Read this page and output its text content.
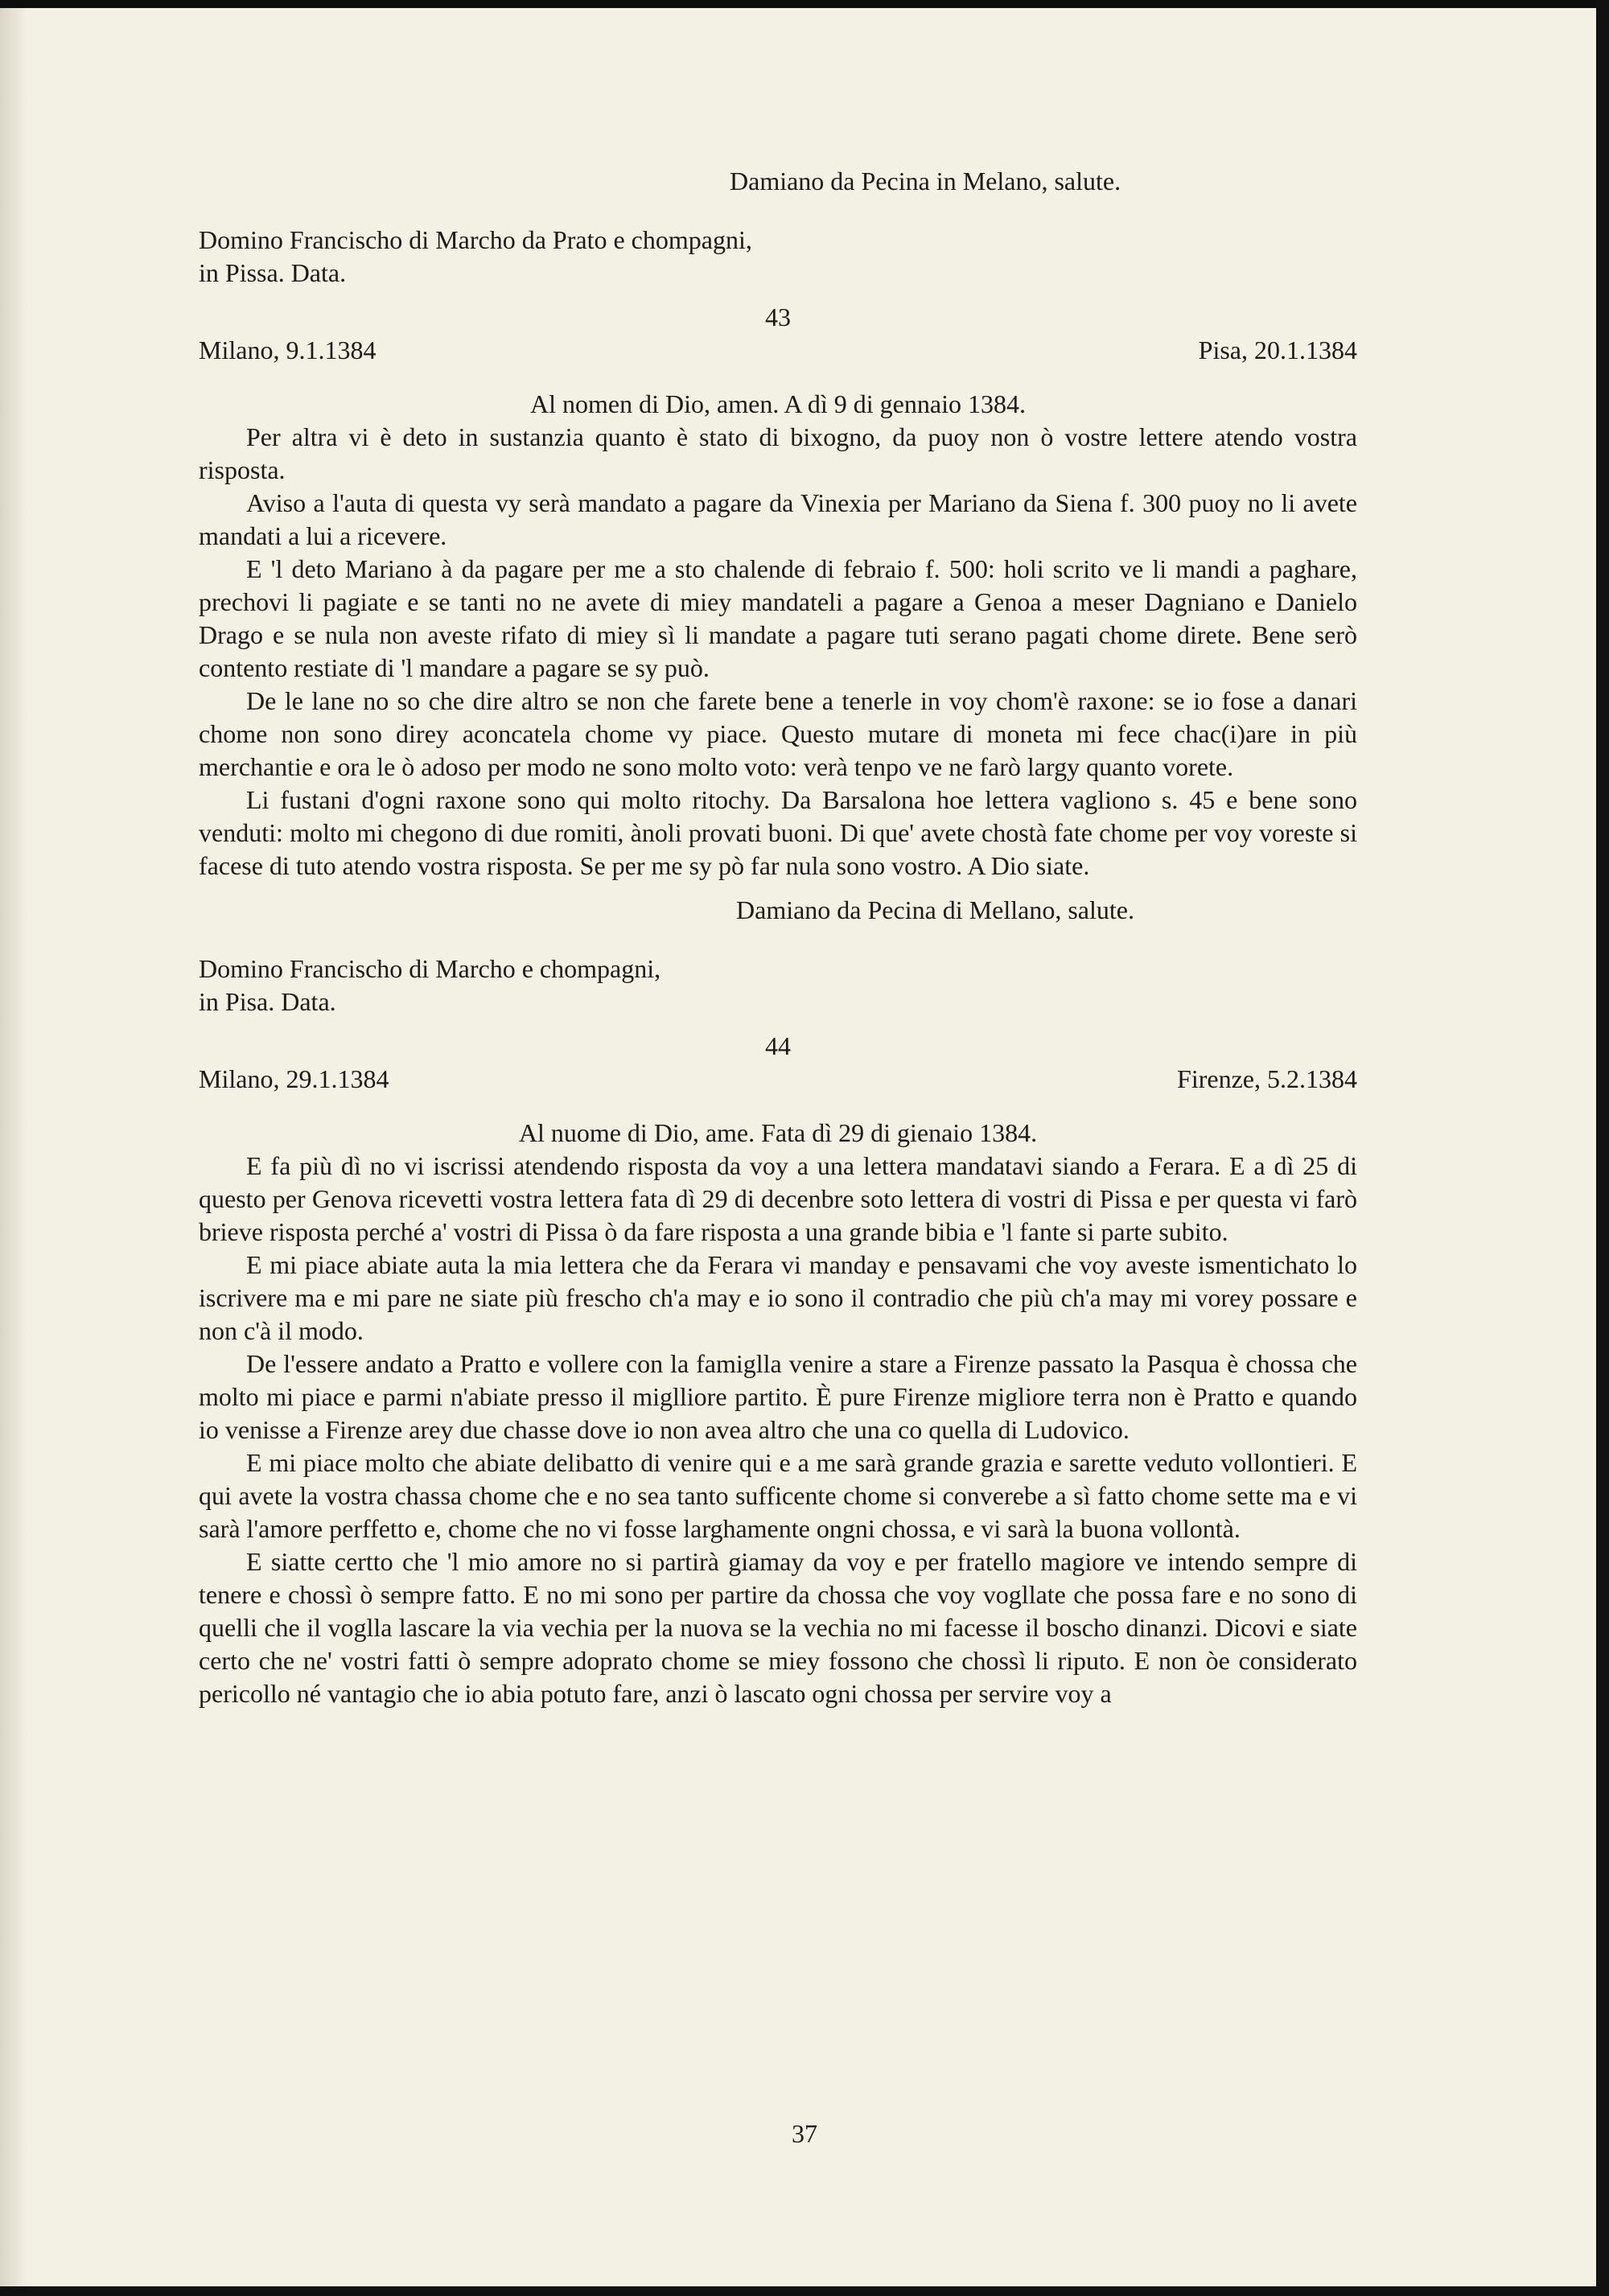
Damiano da Pecina in Melano, salute.

Domino Francischo di Marcho da Prato e chompagni,

in Pissa. Data.

43

Milano, 9.1.1384	Pisa, 20.1.1384

Al nomen di Dio, amen. A dì 9 di gennaio 1384.

Per altra vi è deto in sustanzia quanto è stato di bixogno, da puoy non ò vostre lettere atendo vostra risposta.

Aviso a l'auta di questa vy serà mandato a pagare da Vinexia per Mariano da Siena f. 300 puoy no li avete mandati a lui a ricevere.

E 'l deto Mariano à da pagare per me a sto chalende di febraio f. 500: holi scrito ve li mandi a paghare, prechovi li pagiate e se tanti no ne avete di miey mandateli a pagare a Genoa a meser Dagniano e Danielo Drago e se nula non aveste rifato di miey sì li mandate a pagare tuti serano pagati chome direte. Bene serò contento restiate di 'l mandare a pagare se sy può.

De le lane no so che dire altro se non che farete bene a tenerle in voy chom'è raxone: se io fose a danari chome non sono direy aconcatela chome vy piace. Questo mutare di moneta mi fece chac(i)are in più merchantie e ora le ò adoso per modo ne sono molto voto: verà tenpo ve ne farò largy quanto vorete.

Li fustani d'ogni raxone sono qui molto ritochy. Da Barsalona hoe lettera vagliono s. 45 e bene sono venduti: molto mi chegono di due romiti, ànoli provati buoni. Di que' avete chostà fate chome per voy voreste si facese di tuto atendo vostra risposta. Se per me sy pò far nula sono vostro. A Dio siate.

Damiano da Pecina di Mellano, salute.

Domino Francischo di Marcho e chompagni,

in Pisa. Data.

44

Milano, 29.1.1384	Firenze, 5.2.1384

Al nuome di Dio, ame. Fata dì 29 di gienaio 1384.

E fa più dì no vi iscrissi atendendo risposta da voy a una lettera mandatavi siando a Ferara. E a dì 25 di questo per Genova ricevetti vostra lettera fata dì 29 di decenbre soto lettera di vostri di Pissa e per questa vi farò brieve risposta perché a' vostri di Pissa ò da fare risposta a una grande bibia e 'l fante si parte subito.

E mi piace abiate auta la mia lettera che da Ferara vi manday e pensavami che voy aveste ismentichato lo iscrivere ma e mi pare ne siate più frescho ch'a may e io sono il contradio che più ch'a may mi vorey possare e non c'à il modo.

De l'essere andato a Pratto e vollere con la famiglla venire a stare a Firenze passato la Pasqua è chossa che molto mi piace e parmi n'abiate presso il miglliore partito. È pure Firenze migliore terra non è Pratto e quando io venisse a Firenze arey due chasse dove io non avea altro che una co quella di Ludovico.

E mi piace molto che abiate delibatto di venire qui e a me sarà grande grazia e sarette veduto vollontieri. E qui avete la vostra chassa chome che e no sea tanto sufficente chome si converebe a sì fatto chome sette ma e vi sarà l'amore perffetto e, chome che no vi fosse larghamente ongni chossa, e vi sarà la buona vollontà.

E siatte certto che 'l mio amore no si partirà giamay da voy e per fratello magiore ve intendo sempre di tenere e chossì ò sempre fatto. E no mi sono per partire da chossa che voy vogllate che possa fare e no sono di quelli che il voglla lascare la via vechia per la nuova se la vechia no mi facesse il boscho dinanzi. Dicovi e siate certo che ne' vostri fatti ò sempre adoprato chome se miey fossono che chossì li riputo. E non òe considerato pericollo né vantagio che io abia potuto fare, anzi ò lascato ogni chossa per servire voy a

37
